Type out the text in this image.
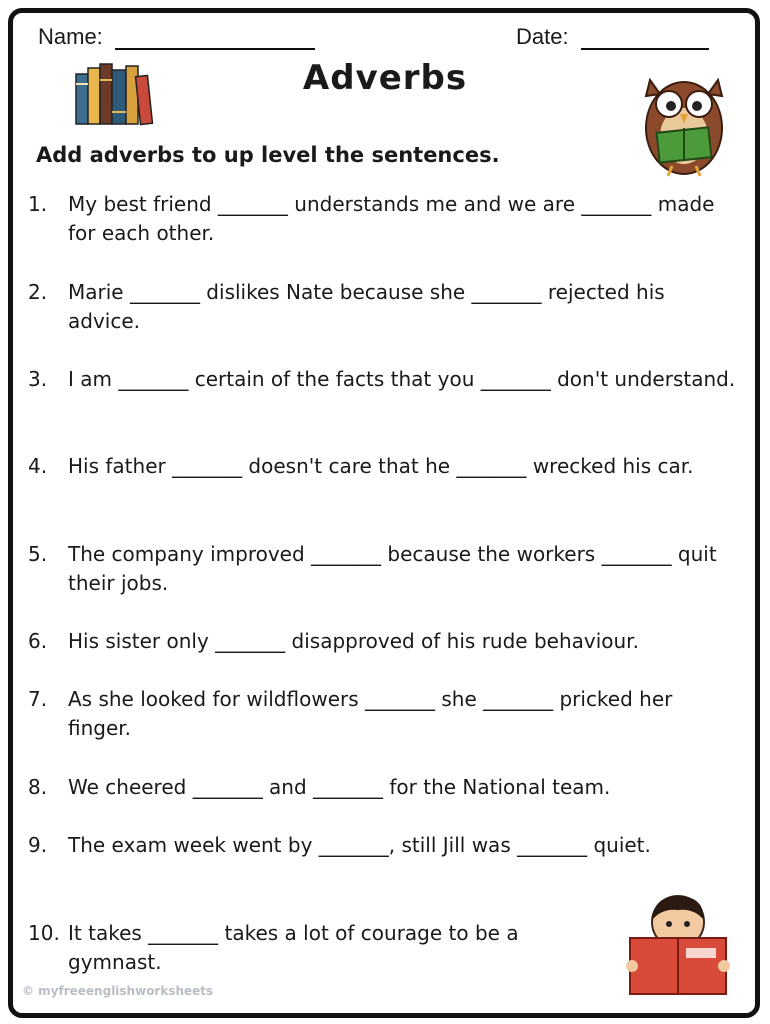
Name:	Date:
Adverbs
Add adverbs to up level the sentences.
1. My best friend _______ understands me and we are _______ made for each other.
2. Marie _______ dislikes Nate because she _______ rejected his advice.
3. I am _______ certain of the facts that you _______ don't understand.
4. His father _______ doesn't care that he _______ wrecked his car.
5. The company improved _______ because the workers _______ quit their jobs.
6. His sister only _______ disapproved of his rude behaviour.
7. As she looked for wildflowers _______ she _______ pricked her finger.
8. We cheered _______ and _______ for the National team.
9. The exam week went by _______, still Jill was _______ quiet.
10. It takes _______ takes a lot of courage to be a gymnast.
© myfreeenglishworksheets
